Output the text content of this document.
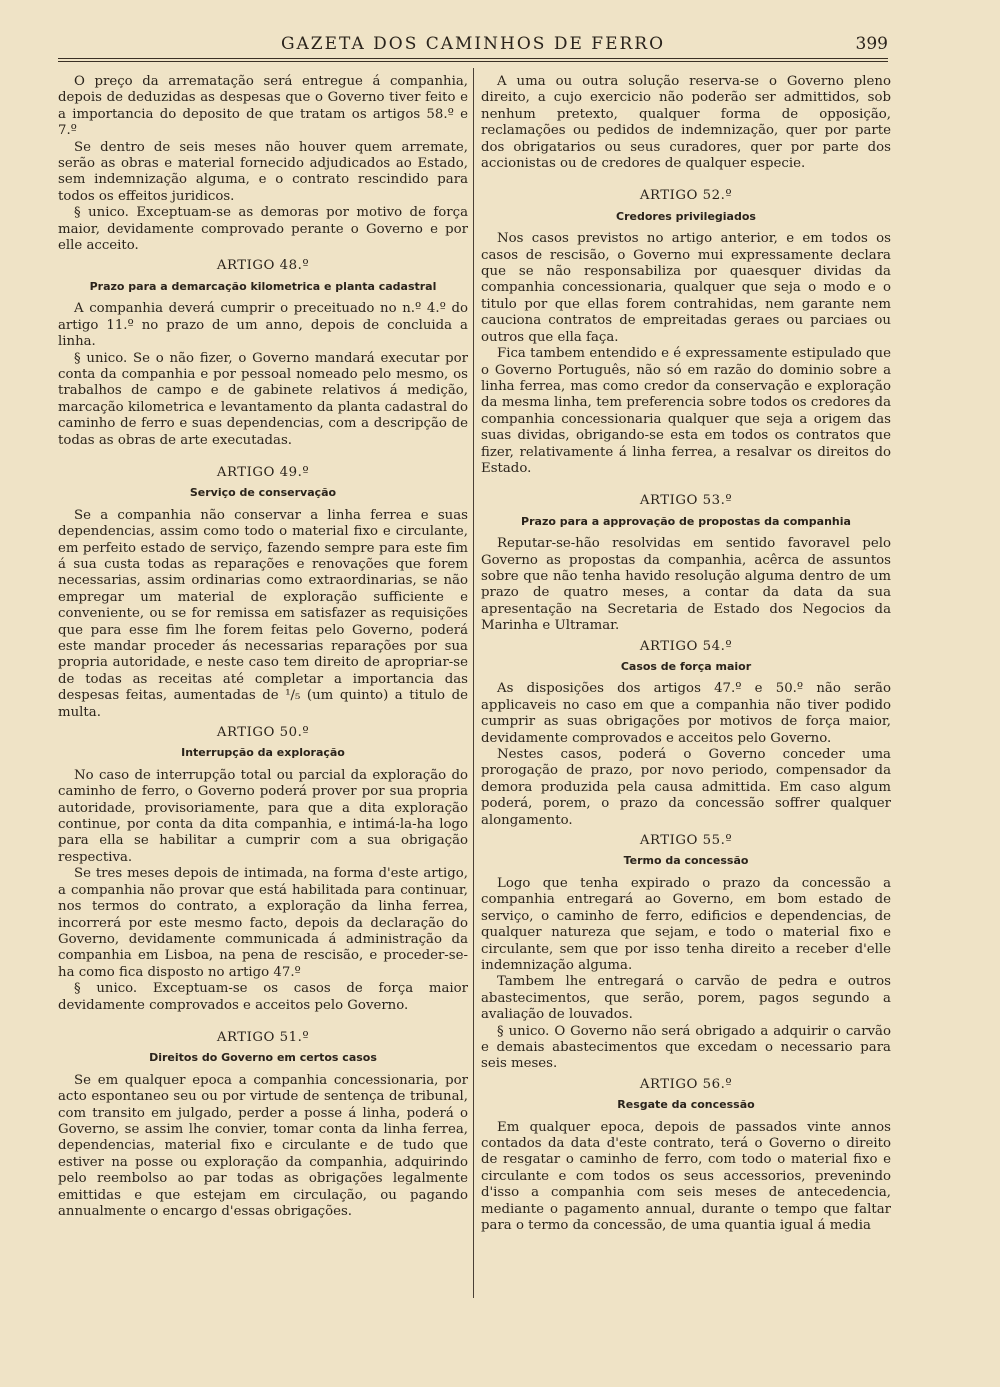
GAZETA DOS CAMINHOS DE FERRO	399

O preço da arrematação será entregue á companhia, depois de deduzidas as despesas que o Governo tiver feito e a importancia do deposito de que tratam os artigos 58.º e 7.º

Se dentro de seis meses não houver quem arremate, serão as obras e material fornecido adjudicados ao Estado, sem indemnização alguma, e o contrato rescindido para todos os effeitos juridicos.

§ unico. Exceptuam-se as demoras por motivo de força maior, devidamente comprovado perante o Governo e por elle acceito.

ARTIGO 48.º
Prazo para a demarcação kilometrica e planta cadastral

A companhia deverá cumprir o preceituado no n.º 4.º do artigo 11.º no prazo de um anno, depois de concluida a linha.

§ unico. Se o não fizer, o Governo mandará executar por conta da companhia e por pessoal nomeado pelo mesmo, os trabalhos de campo e de gabinete relativos á medição, marcação kilometrica e levantamento da planta cadastral do caminho de ferro e suas dependencias, com a descripção de todas as obras de arte executadas.

ARTIGO 49.º
Serviço de conservação

Se a companhia não conservar a linha ferrea e suas dependencias, assim como todo o material fixo e circulante, em perfeito estado de serviço, fazendo sempre para este fim á sua custa todas as reparações e renovações que forem necessarias, assim ordinarias como extraordinarias, se não empregar um material de exploração sufficiente e conveniente, ou se for remissa em satisfazer as requisições que para esse fim lhe forem feitas pelo Governo, poderá este mandar proceder ás necessarias reparações por sua propria autoridade, e neste caso tem direito de apropriar-se de todas as receitas até completar a importancia das despesas feitas, aumentadas de ¹/₅ (um quinto) a titulo de multa.

ARTIGO 50.º
Interrupção da exploração

No caso de interrupção total ou parcial da exploração do caminho de ferro, o Governo poderá prover por sua propria autoridade, provisoriamente, para que a dita exploração continue, por conta da dita companhia, e intimá-la-ha logo para ella se habilitar a cumprir com a sua obrigação respectiva.

Se tres meses depois de intimada, na forma d'este artigo, a companhia não provar que está habilitada para continuar, nos termos do contrato, a exploração da linha ferrea, incorrerá por este mesmo facto, depois da declaração do Governo, devidamente communicada á administração da companhia em Lisboa, na pena de rescisão, e proceder-se-ha como fica disposto no artigo 47.º

§ unico. Exceptuam-se os casos de força maior devidamente comprovados e acceitos pelo Governo.

ARTIGO 51.º
Direitos do Governo em certos casos

Se em qualquer epoca a companhia concessionaria, por acto espontaneo seu ou por virtude de sentença de tribunal, com transito em julgado, perder a posse á linha, poderá o Governo, se assim lhe convier, tomar conta da linha ferrea, dependencias, material fixo e circulante e de tudo que estiver na posse ou exploração da companhia, adquirindo pelo reembolso ao par todas as obrigações legalmente emittidas e que estejam em circulação, ou pagando annualmente o encargo d'essas obrigações.

A uma ou outra solução reserva-se o Governo pleno direito, a cujo exercicio não poderão ser admittidos, sob nenhum pretexto, qualquer forma de opposição, reclamações ou pedidos de indemnização, quer por parte dos obrigatarios ou seus curadores, quer por parte dos accionistas ou de credores de qualquer especie.

ARTIGO 52.º
Credores privilegiados

Nos casos previstos no artigo anterior, e em todos os casos de rescisão, o Governo mui expressamente declara que se não responsabiliza por quaesquer dividas da companhia concessionaria, qualquer que seja o modo e o titulo por que ellas forem contrahidas, nem garante nem cauciona contratos de empreitadas geraes ou parciaes ou outros que ella faça.

Fica tambem entendido e é expressamente estipulado que o Governo Português, não só em razão do dominio sobre a linha ferrea, mas como credor da conservação e exploração da mesma linha, tem preferencia sobre todos os credores da companhia concessionaria qualquer que seja a origem das suas dividas, obrigando-se esta em todos os contratos que fizer, relativamente á linha ferrea, a resalvar os direitos do Estado.

ARTIGO 53.º
Prazo para a approvação de propostas da companhia

Reputar-se-hão resolvidas em sentido favoravel pelo Governo as propostas da companhia, acêrca de assuntos sobre que não tenha havido resolução alguma dentro de um prazo de quatro meses, a contar da data da sua apresentação na Secretaria de Estado dos Negocios da Marinha e Ultramar.

ARTIGO 54.º
Casos de força maior

As disposições dos artigos 47.º e 50.º não serão applicaveis no caso em que a companhia não tiver podido cumprir as suas obrigações por motivos de força maior, devidamente comprovados e acceitos pelo Governo.

Nestes casos, poderá o Governo conceder uma prorogação de prazo, por novo periodo, compensador da demora produzida pela causa admittida. Em caso algum poderá, porem, o prazo da concessão soffrer qualquer alongamento.

ARTIGO 55.º
Termo da concessão

Logo que tenha expirado o prazo da concessão a companhia entregará ao Governo, em bom estado de serviço, o caminho de ferro, edificios e dependencias, de qualquer natureza que sejam, e todo o material fixo e circulante, sem que por isso tenha direito a receber d'elle indemnização alguma.

Tambem lhe entregará o carvão de pedra e outros abastecimentos, que serão, porem, pagos segundo a avaliação de louvados.

§ unico. O Governo não será obrigado a adquirir o carvão e demais abastecimentos que excedam o necessario para seis meses.

ARTIGO 56.º
Resgate da concessão

Em qualquer epoca, depois de passados vinte annos contados da data d'este contrato, terá o Governo o direito de resgatar o caminho de ferro, com todo o material fixo e circulante e com todos os seus accessorios, prevenindo d'isso a companhia com seis meses de antecedencia, mediante o pagamento annual, durante o tempo que faltar para o termo da concessão, de uma quantia igual á media
